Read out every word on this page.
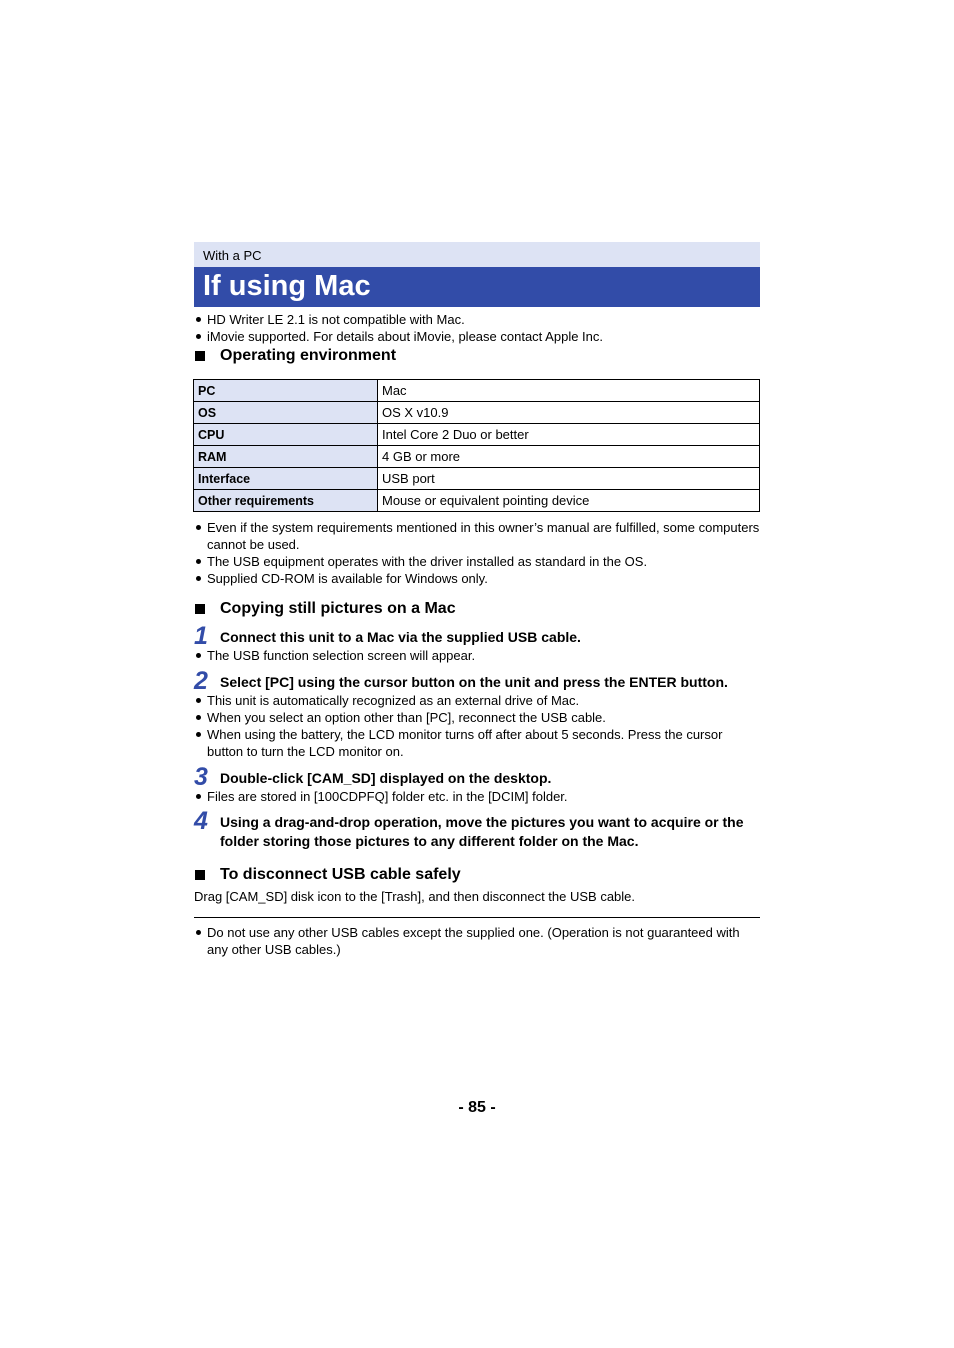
With a PC
If using Mac
HD Writer LE 2.1 is not compatible with Mac.
iMovie supported. For details about iMovie, please contact Apple Inc.
Operating environment
PC	Mac
OS	OS X v10.9
CPU	Intel Core 2 Duo or better
RAM	4 GB or more
Interface	USB port
Other requirements	Mouse or equivalent pointing device
Even if the system requirements mentioned in this owner’s manual are fulfilled, some computers cannot be used.
The USB equipment operates with the driver installed as standard in the OS.
Supplied CD-ROM is available for Windows only.
Copying still pictures on a Mac
1 Connect this unit to a Mac via the supplied USB cable.
The USB function selection screen will appear.
2 Select [PC] using the cursor button on the unit and press the ENTER button.
This unit is automatically recognized as an external drive of Mac.
When you select an option other than [PC], reconnect the USB cable.
When using the battery, the LCD monitor turns off after about 5 seconds. Press the cursor button to turn the LCD monitor on.
3 Double-click [CAM_SD] displayed on the desktop.
Files are stored in [100CDPFQ] folder etc. in the [DCIM] folder.
4 Using a drag-and-drop operation, move the pictures you want to acquire or the folder storing those pictures to any different folder on the Mac.
To disconnect USB cable safely
Drag [CAM_SD] disk icon to the [Trash], and then disconnect the USB cable.
Do not use any other USB cables except the supplied one. (Operation is not guaranteed with any other USB cables.)
- 85 -
